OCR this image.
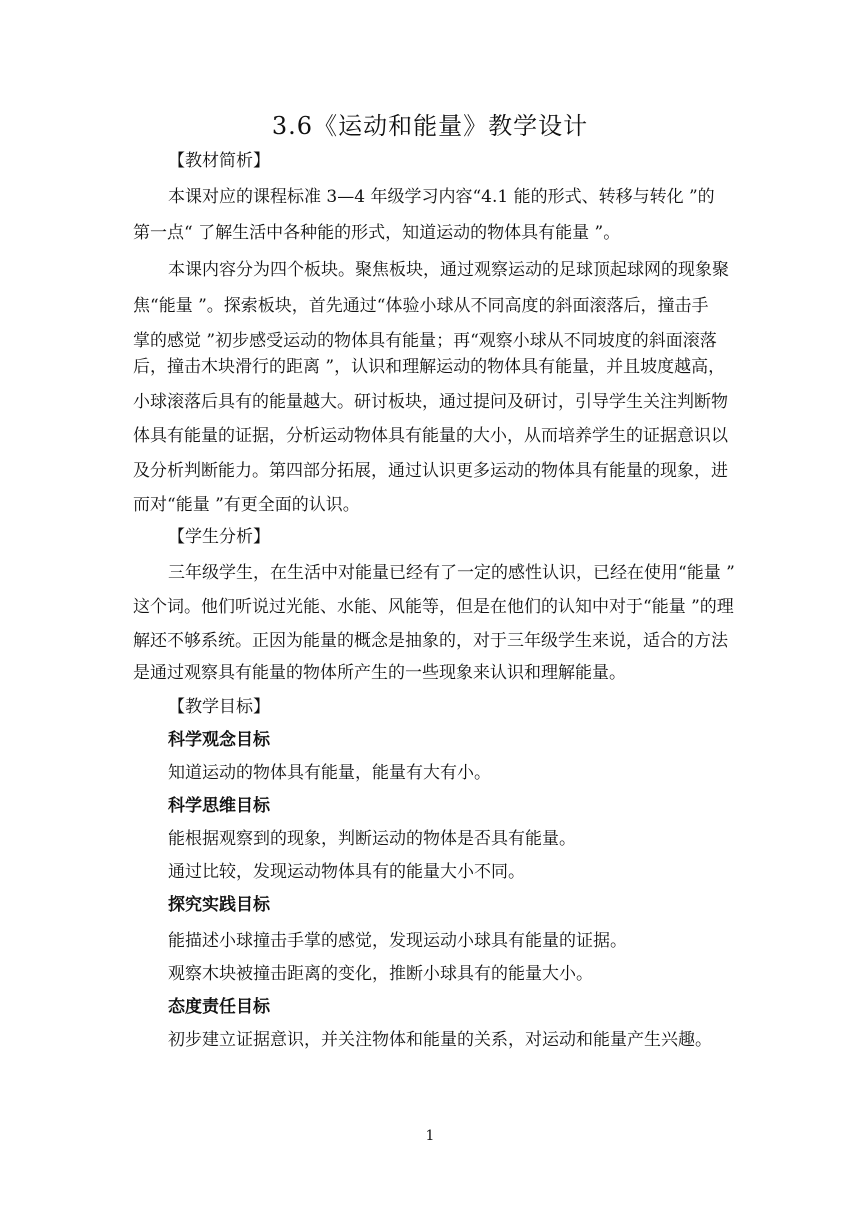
3.6《运动和能量》教学设计
【教材简析】
本课对应的课程标准 3—4 年级学习内容“4.1 能的形式、转移与转化 ”的
第一点“ 了解生活中各种能的形式，知道运动的物体具有能量 ”。
本课内容分为四个板块。聚焦板块，通过观察运动的足球顶起球网的现象聚
焦“能量 ”。探索板块，首先通过“体验小球从不同高度的斜面滚落后，撞击手
掌的感觉 ”初步感受运动的物体具有能量；再“观察小球从不同坡度的斜面滚落
后，撞击木块滑行的距离 ”，认识和理解运动的物体具有能量，并且坡度越高，
小球滚落后具有的能量越大。研讨板块，通过提问及研讨，引导学生关注判断物
体具有能量的证据，分析运动物体具有能量的大小，从而培养学生的证据意识以
及分析判断能力。第四部分拓展，通过认识更多运动的物体具有能量的现象，进
而对“能量 ”有更全面的认识。
【学生分析】
三年级学生，在生活中对能量已经有了一定的感性认识，已经在使用“能量 ”
这个词。他们听说过光能、水能、风能等，但是在他们的认知中对于“能量 ”的理
解还不够系统。正因为能量的概念是抽象的，对于三年级学生来说，适合的方法
是通过观察具有能量的物体所产生的一些现象来认识和理解能量。
【教学目标】
科学观念目标
知道运动的物体具有能量，能量有大有小。
科学思维目标
能根据观察到的现象，判断运动的物体是否具有能量。
通过比较，发现运动物体具有的能量大小不同。
探究实践目标
能描述小球撞击手掌的感觉，发现运动小球具有能量的证据。
观察木块被撞击距离的变化，推断小球具有的能量大小。
态度责任目标
初步建立证据意识，并关注物体和能量的关系，对运动和能量产生兴趣。
1
